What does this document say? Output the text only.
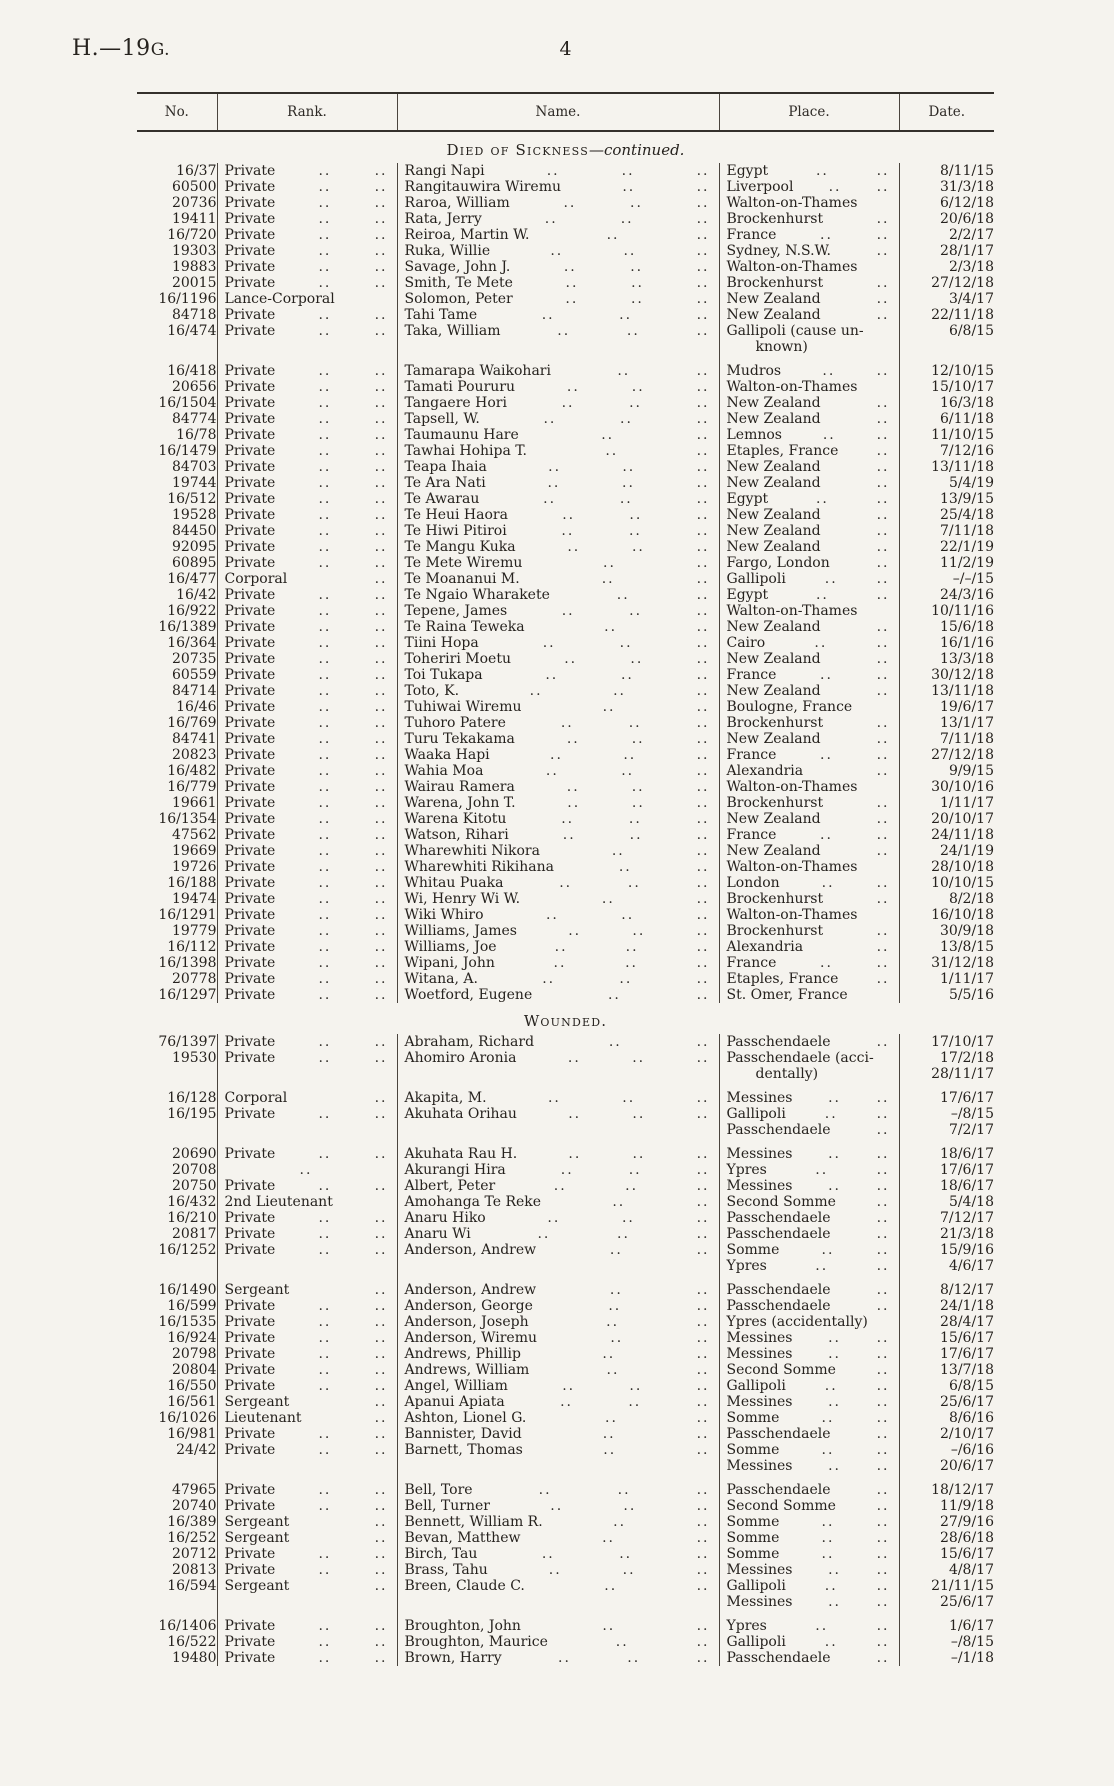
H.—19G.	4
No.	Rank.	Name.	Place.	Date.
Died of Sickness—continued.				
16/37	Private .. ..	Rangi Napi .. .. ..	Egypt .. ..	8/11/15
60500	Private .. ..	Rangitauwira Wiremu .. ..	Liverpool .. ..	31/3/18
20736	Private .. ..	Raroa, William .. .. ..	Walton-on-Thames	6/12/18
19411	Private .. ..	Rata, Jerry .. .. ..	Brockenhurst ..	20/6/18
16/720	Private .. ..	Reiroa, Martin W. .. ..	France .. ..	2/2/17
19303	Private .. ..	Ruka, Willie .. .. ..	Sydney, N.S.W. ..	28/1/17
19883	Private .. ..	Savage, John J. .. .. ..	Walton-on-Thames	2/3/18
20015	Private .. ..	Smith, Te Mete .. .. ..	Brockenhurst ..	27/12/18
16/1196	Lance-Corporal	Solomon, Peter .. .. ..	New Zealand ..	3/4/17
84718	Private .. ..	Tahi Tame .. .. ..	New Zealand ..	22/11/18
16/474	Private .. ..	Taka, William .. .. ..	Gallipoli (cause un-	6/8/15

			known)	

16/418	Private .. ..	Tamarapa Waikohari .. ..	Mudros .. ..	12/10/15
20656	Private .. ..	Tamati Poururu .. .. ..	Walton-on-Thames	15/10/17
16/1504	Private .. ..	Tangaere Hori .. .. ..	New Zealand ..	16/3/18
84774	Private .. ..	Tapsell, W. .. .. ..	New Zealand ..	6/11/18
16/78	Private .. ..	Taumaunu Hare .. ..	Lemnos .. ..	11/10/15
16/1479	Private .. ..	Tawhai Hohipa T. .. ..	Etaples, France ..	7/12/16
84703	Private .. ..	Teapa Ihaia .. .. ..	New Zealand ..	13/11/18
19744	Private .. ..	Te Ara Nati .. .. ..	New Zealand ..	5/4/19
16/512	Private .. ..	Te Awarau .. .. ..	Egypt .. ..	13/9/15
19528	Private .. ..	Te Heui Haora .. .. ..	New Zealand ..	25/4/18
84450	Private .. ..	Te Hiwi Pitiroi .. .. ..	New Zealand ..	7/11/18
92095	Private .. ..	Te Mangu Kuka .. .. ..	New Zealand ..	22/1/19
60895	Private .. ..	Te Mete Wiremu .. ..	Fargo, London ..	11/2/19
16/477	Corporal ..	Te Moananui M. .. ..	Gallipoli .. ..	–/–/15
16/42	Private .. ..	Te Ngaio Wharakete .. ..	Egypt .. ..	24/3/16
16/922	Private .. ..	Tepene, James .. .. ..	Walton-on-Thames	10/11/16
16/1389	Private .. ..	Te Raina Teweka .. ..	New Zealand ..	15/6/18
16/364	Private .. ..	Tiini Hopa .. .. ..	Cairo .. ..	16/1/16
20735	Private .. ..	Toheriri Moetu .. .. ..	New Zealand ..	13/3/18
60559	Private .. ..	Toi Tukapa .. .. ..	France .. ..	30/12/18
84714	Private .. ..	Toto, K. .. .. ..	New Zealand ..	13/11/18
16/46	Private .. ..	Tuhiwai Wiremu .. ..	Boulogne, France	19/6/17
16/769	Private .. ..	Tuhoro Patere .. .. ..	Brockenhurst ..	13/1/17
84741	Private .. ..	Turu Tekakama .. .. ..	New Zealand ..	7/11/18
20823	Private .. ..	Waaka Hapi .. .. ..	France .. ..	27/12/18
16/482	Private .. ..	Wahia Moa .. .. ..	Alexandria ..	9/9/15
16/779	Private .. ..	Wairau Ramera .. .. ..	Walton-on-Thames	30/10/16
19661	Private .. ..	Warena, John T. .. .. ..	Brockenhurst ..	1/11/17
16/1354	Private .. ..	Warena Kitotu .. .. ..	New Zealand ..	20/10/17
47562	Private .. ..	Watson, Rihari .. .. ..	France .. ..	24/11/18
19669	Private .. ..	Wharewhiti Nikora .. ..	New Zealand ..	24/1/19
19726	Private .. ..	Wharewhiti Rikihana .. ..	Walton-on-Thames	28/10/18
16/188	Private .. ..	Whitau Puaka .. .. ..	London .. ..	10/10/15
19474	Private .. ..	Wi, Henry Wi W. .. ..	Brockenhurst ..	8/2/18
16/1291	Private .. ..	Wiki Whiro .. .. ..	Walton-on-Thames	16/10/18
19779	Private .. ..	Williams, James .. .. ..	Brockenhurst ..	30/9/18
16/112	Private .. ..	Williams, Joe .. .. ..	Alexandria ..	13/8/15
16/1398	Private .. ..	Wipani, John .. .. ..	France .. ..	31/12/18
20778	Private .. ..	Witana, A. .. .. ..	Etaples, France ..	1/11/17
16/1297	Private .. ..	Woetford, Eugene .. ..	St. Omer, France	5/5/16
Wounded.				
76/1397	Private .. ..	Abraham, Richard .. ..	Passchendaele ..	17/10/17
19530	Private .. ..	Ahomiro Aronia .. .. ..	Passchendaele (acci-	17/2/18

			dentally)	28/11/17

16/128	Corporal ..	Akapita, M. .. .. ..	Messines .. ..	17/6/17
16/195	Private .. ..	Akuhata Orihau .. .. ..	Gallipoli .. ..	–/8/15

			Passchendaele ..	7/2/17

20690	Private .. ..	Akuhata Rau H. .. .. ..	Messines .. ..	18/6/17
20708	..	Akurangi Hira .. .. ..	Ypres .. ..	17/6/17
20750	Private .. ..	Albert, Peter .. .. ..	Messines .. ..	18/6/17
16/432	2nd Lieutenant	Amohanga Te Reke .. ..	Second Somme ..	5/4/18
16/210	Private .. ..	Anaru Hiko .. .. ..	Passchendaele ..	7/12/17
20817	Private .. ..	Anaru Wi .. .. ..	Passchendaele ..	21/3/18
16/1252	Private .. ..	Anderson, Andrew .. ..	Somme .. ..	15/9/16

			Ypres .. ..	4/6/17

16/1490	Sergeant ..	Anderson, Andrew .. ..	Passchendaele ..	8/12/17
16/599	Private .. ..	Anderson, George .. ..	Passchendaele ..	24/1/18
16/1535	Private .. ..	Anderson, Joseph .. ..	Ypres (accidentally)	28/4/17
16/924	Private .. ..	Anderson, Wiremu .. ..	Messines .. ..	15/6/17
20798	Private .. ..	Andrews, Phillip .. ..	Messines .. ..	17/6/17
20804	Private .. ..	Andrews, William .. ..	Second Somme ..	13/7/18
16/550	Private .. ..	Angel, William .. .. ..	Gallipoli .. ..	6/8/15
16/561	Sergeant ..	Apanui Apiata .. .. ..	Messines .. ..	25/6/17
16/1026	Lieutenant ..	Ashton, Lionel G. .. ..	Somme .. ..	8/6/16
16/981	Private .. ..	Bannister, David .. ..	Passchendaele ..	2/10/17
24/42	Private .. ..	Barnett, Thomas .. ..	Somme .. ..	–/6/16

			Messines .. ..	20/6/17

47965	Private .. ..	Bell, Tore .. .. ..	Passchendaele ..	18/12/17
20740	Private .. ..	Bell, Turner .. .. ..	Second Somme ..	11/9/18
16/389	Sergeant ..	Bennett, William R. .. ..	Somme .. ..	27/9/16
16/252	Sergeant ..	Bevan, Matthew .. ..	Somme .. ..	28/6/18
20712	Private .. ..	Birch, Tau .. .. ..	Somme .. ..	15/6/17
20813	Private .. ..	Brass, Tahu .. .. ..	Messines .. ..	4/8/17
16/594	Sergeant ..	Breen, Claude C. .. ..	Gallipoli .. ..	21/11/15

			Messines .. ..	25/6/17

16/1406	Private .. ..	Broughton, John .. ..	Ypres .. ..	1/6/17
16/522	Private .. ..	Broughton, Maurice .. ..	Gallipoli .. ..	–/8/15
19480	Private .. ..	Brown, Harry .. .. ..	Passchendaele ..	–/1/18
